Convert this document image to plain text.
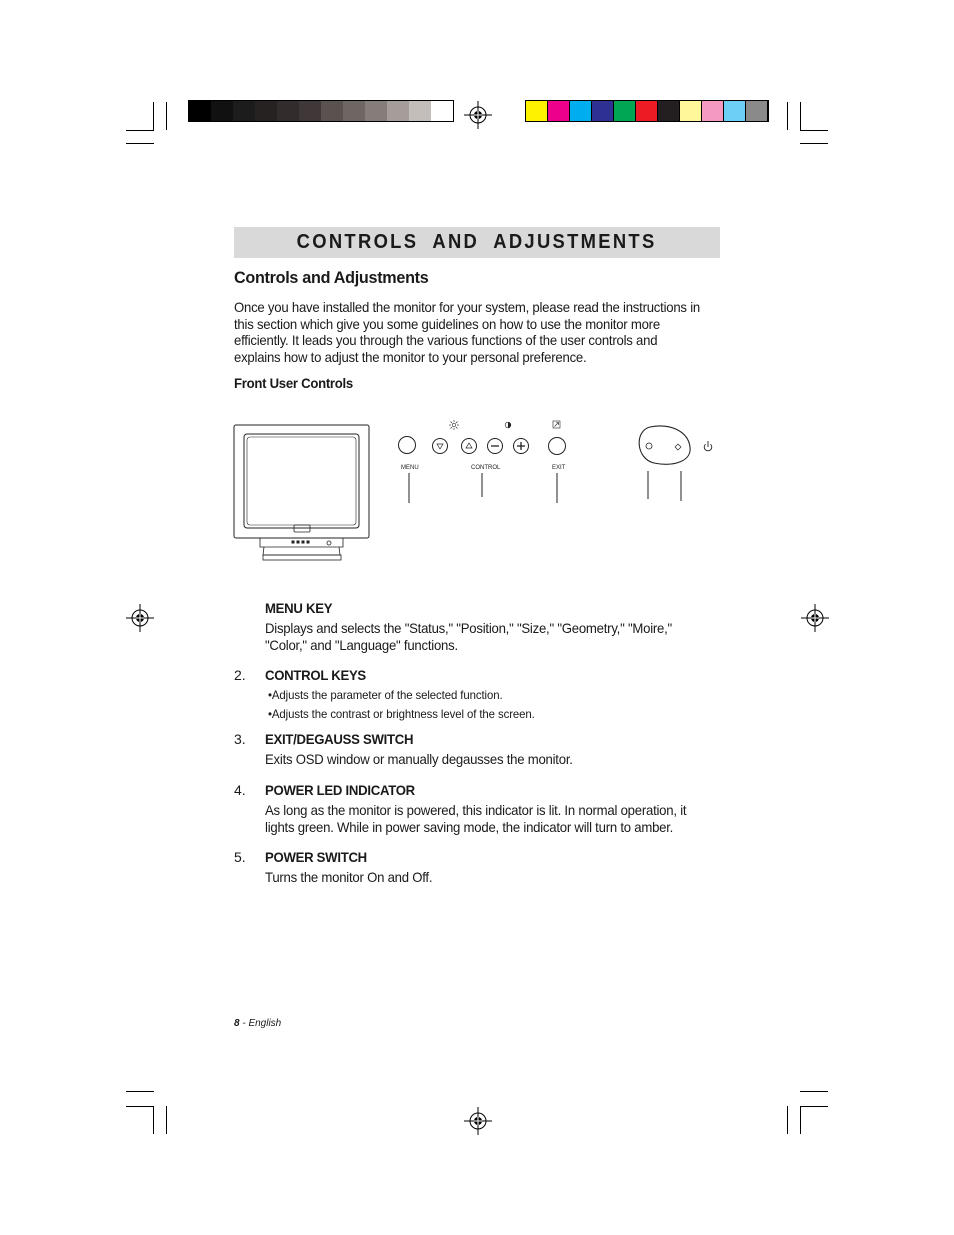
CONTROLS AND ADJUSTMENTS
Controls and Adjustments
Once you have installed the monitor for your system, please read the instructions in this section which give you some guidelines on how to use the monitor more efficiently. It leads you through the various functions of the user controls and explains how to adjust the monitor to your personal preference.
Front User Controls
MENU	CONTROL	EXIT
MENU KEY
Displays and selects the "Status," "Position," "Size," "Geometry," "Moire," "Color," and "Language" functions.
2. CONTROL KEYS
•Adjusts the parameter of the selected function.
•Adjusts the contrast or brightness level of the screen.
3. EXIT/DEGAUSS SWITCH
Exits OSD window or manually degausses the monitor.
4. POWER LED INDICATOR
As long as the monitor is powered, this indicator is lit. In normal operation, it lights green. While in power saving mode, the indicator will turn to amber.
5. POWER SWITCH
Turns the monitor On and Off.
8 - English
